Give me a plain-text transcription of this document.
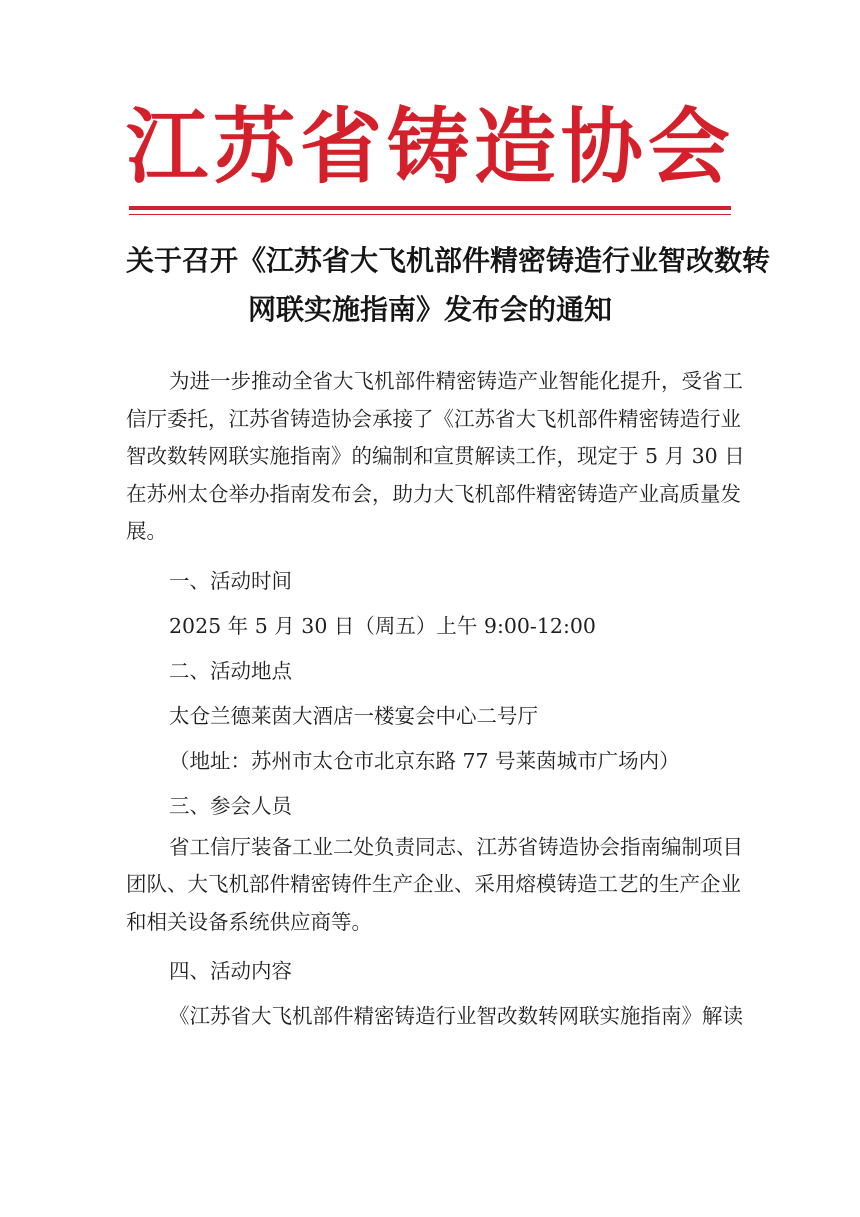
江 苏 省 铸 造 协 会
关于召开《江苏省大飞机部件精密铸造行业智改数转
网联实施指南》发布会的通知

为进一步推动全省大飞机部件精密铸造产业智能化提升，受省工
信厅委托，江苏省铸造协会承接了《江苏省大飞机部件精密铸造行业
智改数转网联实施指南》的编制和宣贯解读工作，现定于 5 月 30 日
在苏州太仓举办指南发布会，助力大飞机部件精密铸造产业高质量发
展。

一、活动时间

2025 年 5 月 30 日（周五）上午 9:00-12:00

二、活动地点

太仓兰德莱茵大酒店一楼宴会中心二号厅

（地址：苏州市太仓市北京东路 77 号莱茵城市广场内）

三、参会人员

省工信厅装备工业二处负责同志、江苏省铸造协会指南编制项目
团队、大飞机部件精密铸件生产企业、采用熔模铸造工艺的生产企业
和相关设备系统供应商等。

四、活动内容

《江苏省大飞机部件精密铸造行业智改数转网联实施指南》解读
